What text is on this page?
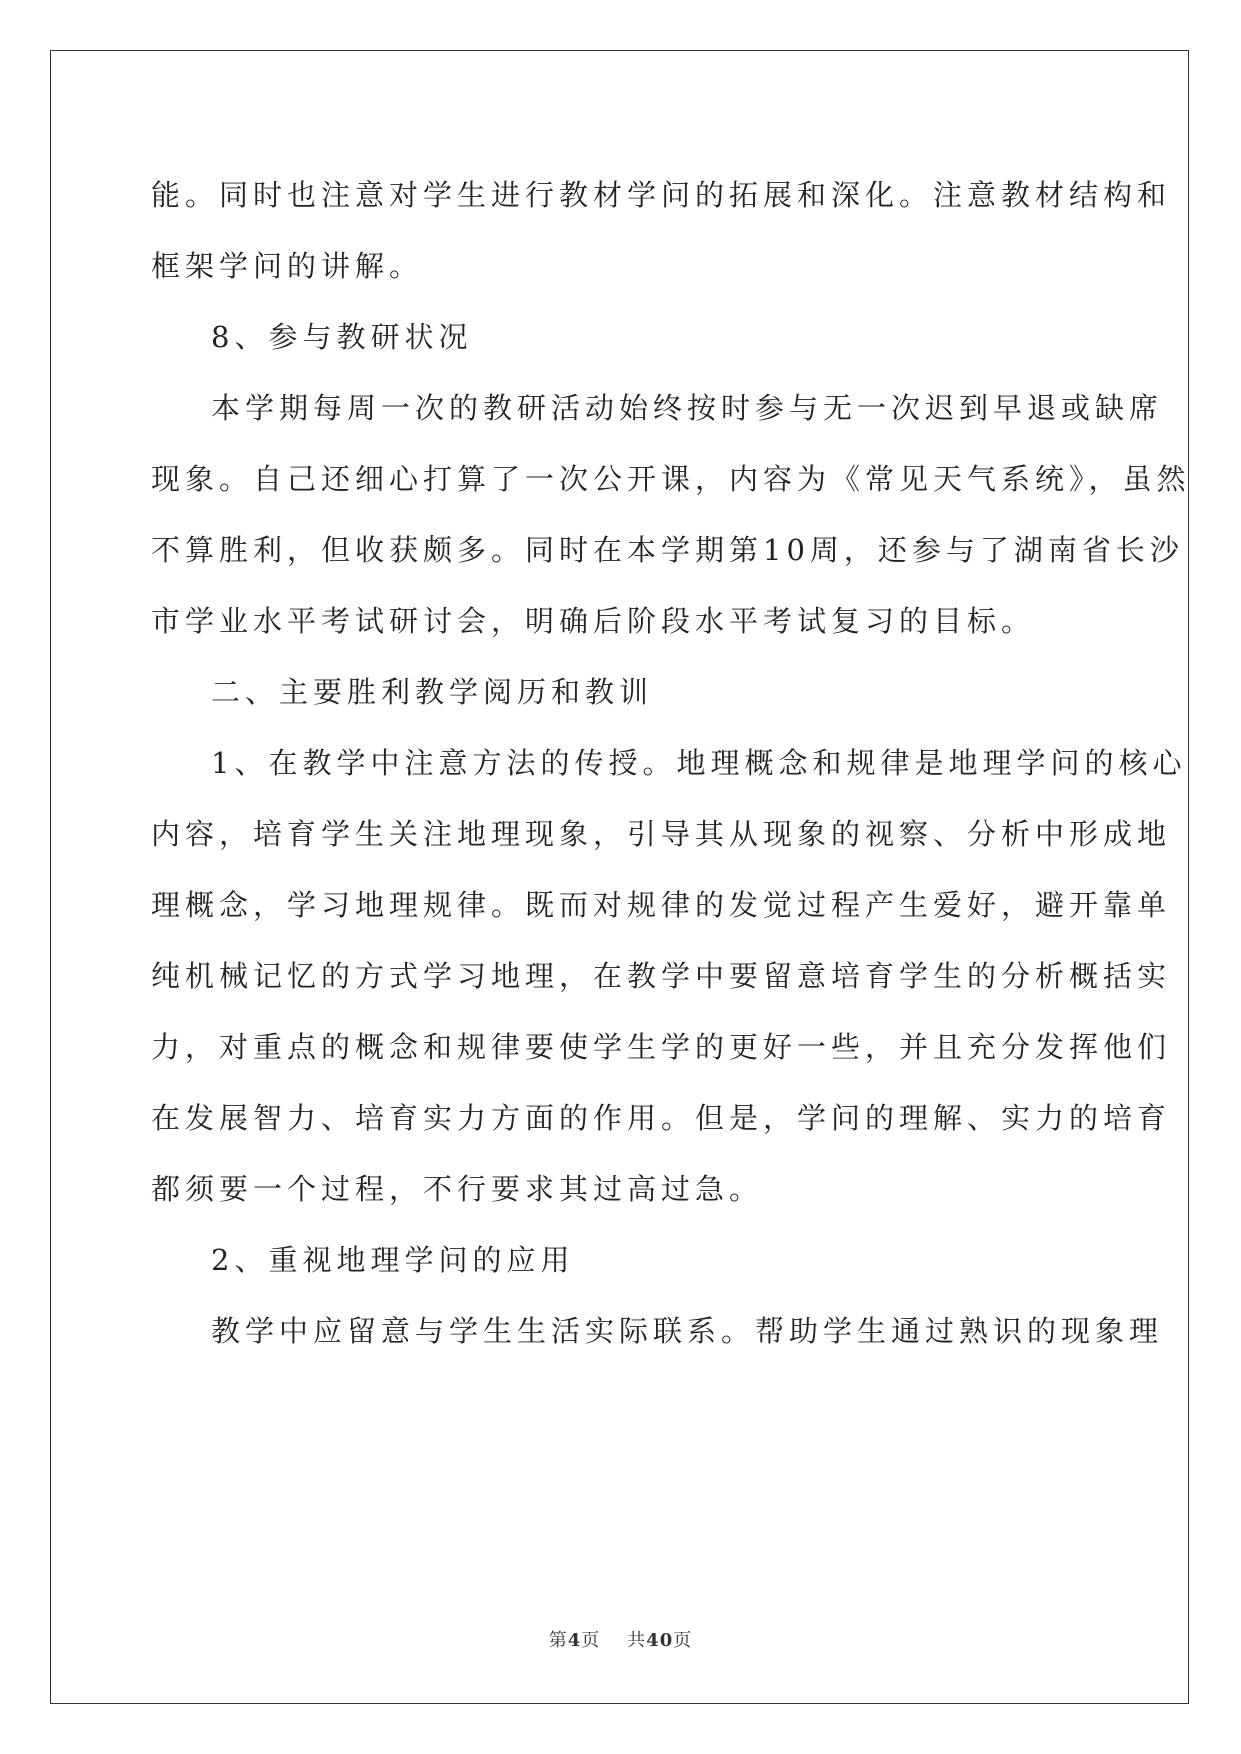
能。同时也注意对学生进行教材学问的拓展和深化。注意教材结构和
框架学问的讲解。
8、参与教研状况
本学期每周一次的教研活动始终按时参与无一次迟到早退或缺席
现象。自己还细心打算了一次公开课，内容为《常见天气系统》，虽然
不算胜利，但收获颇多。同时在本学期第10周，还参与了湖南省长沙
市学业水平考试研讨会，明确后阶段水平考试复习的目标。
二、主要胜利教学阅历和教训
1、在教学中注意方法的传授。地理概念和规律是地理学问的核心
内容，培育学生关注地理现象，引导其从现象的视察、分析中形成地
理概念，学习地理规律。既而对规律的发觉过程产生爱好，避开靠单
纯机械记忆的方式学习地理，在教学中要留意培育学生的分析概括实
力，对重点的概念和规律要使学生学的更好一些，并且充分发挥他们
在发展智力、培育实力方面的作用。但是，学问的理解、实力的培育
都须要一个过程，不行要求其过高过急。
2、重视地理学问的应用
教学中应留意与学生生活实际联系。帮助学生通过熟识的现象理
第4页 共40页
